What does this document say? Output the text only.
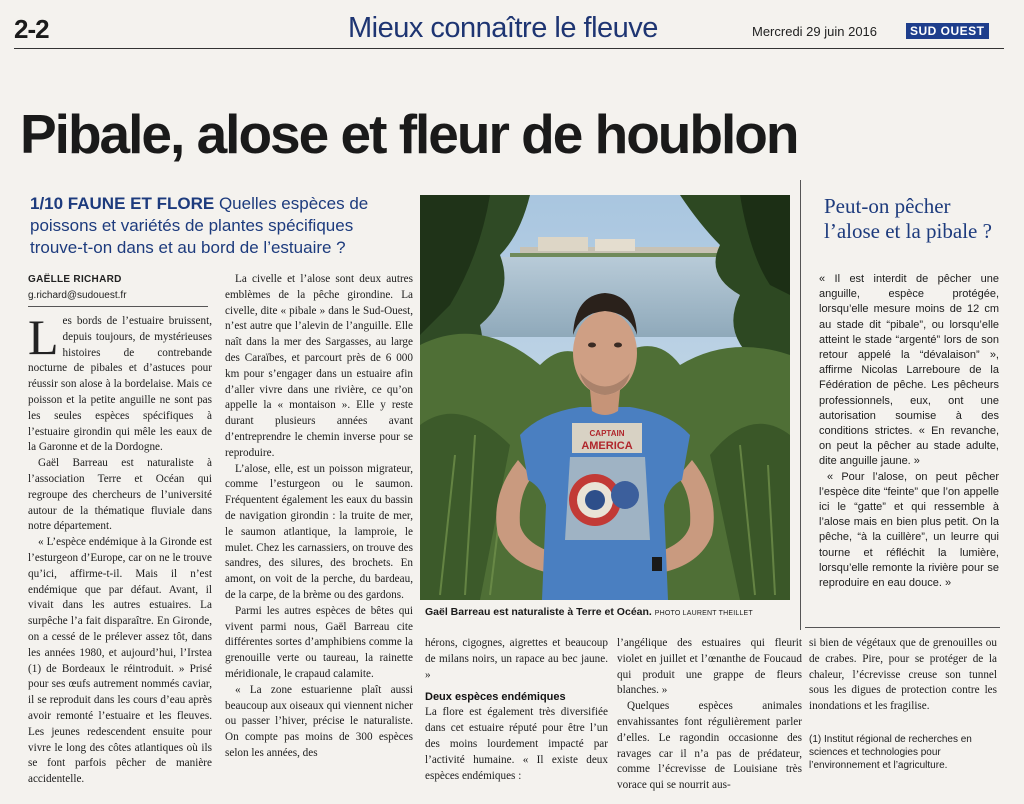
2-2	Mieux connaître le fleuve	Mercredi 29 juin 2016	SUD OUEST
Pibale, alose et fleur de houblon
1/10 FAUNE ET FLORE Quelles espèces de poissons et variétés de plantes spécifiques trouve-t-on dans et au bord de l’estuaire ?
GAËLLE RICHARD
g.richard@sudouest.fr

Les bords de l’estuaire bruissent, depuis toujours, de mystérieuses histoires de contrebande nocturne de pibales et d’astuces pour réussir son alose à la bordelaise. Mais ce poisson et la petite anguille ne sont pas les seules espèces spécifiques à l’estuaire girondin qui mêle les eaux de la Garonne et de la Dordogne.

Gaël Barreau est naturaliste à l’association Terre et Océan qui regroupe des chercheurs de l’université autour de la thématique fluviale dans notre département.

« L’espèce endémique à la Gironde est l’esturgeon d’Europe, car on ne le trouve qu’ici, affirme-t-il. Mais il n’est endémique que par défaut. Avant, il vivait dans les autres estuaires. La surpêche l’a fait disparaître. En Gironde, on a cessé de le prélever assez tôt, dans les années 1980, et aujourd’hui, l’Irstea (1) de Bordeaux le réintroduit. » Prisé pour ses œufs autrement nommés caviar, il se reproduit dans les cours d’eau après avoir remonté l’estuaire et les fleuves. Les jeunes redescendent ensuite pour vivre le long des côtes atlantiques où ils se font parfois pêcher de manière accidentelle.

La civelle et l’alose sont deux autres emblèmes de la pêche girondine. La civelle, dite « pibale » dans le Sud-Ouest, n’est autre que l’alevin de l’anguille. Elle naît dans la mer des Sargasses, au large des Caraïbes, et parcourt près de 6 000 km pour s’engager dans un estuaire afin d’aller vivre dans une rivière, ce qu’on appelle la « montaison ». Elle y reste durant plusieurs années avant d’entreprendre le chemin inverse pour se reproduire.

L’alose, elle, est un poisson migrateur, comme l’esturgeon ou le saumon. Fréquentent également les eaux du bassin de navigation girondin : la truite de mer, le saumon atlantique, la lamproie, le mulet. Chez les carnassiers, on trouve des sandres, des silures, des brochets. En amont, on voit de la perche, du bardeau, de la carpe, de la brème ou des gardons.

Parmi les autres espèces de bêtes qui vivent parmi nous, Gaël Barreau cite différentes sortes d’amphibiens comme la grenouille verte ou taureau, la rainette méridionale, le crapaud calamite.

« La zone estuarienne plaît aussi beaucoup aux oiseaux qui viennent nicher ou passer l’hiver, précise le naturaliste. On compte pas moins de 300 espèces selon les années, des

CAPTAIN
AMERICA
Gaël Barreau est naturaliste à Terre et Océan. PHOTO LAURENT THEILLET

hérons, cigognes, aigrettes et beaucoup de milans noirs, un rapace au bec jaune. »

Deux espèces endémiques

La flore est également très diversifiée dans cet estuaire réputé pour être l’un des moins lourdement impacté par l’activité humaine. « Il existe deux espèces endémiques :

l’angélique des estuaires qui fleurit violet en juillet et l’œnanthe de Foucaud qui produit une grappe de fleurs blanches. »

Quelques espèces animales envahissantes font régulièrement parler d’elles. Le ragondin occasionne des ravages car il n’a pas de prédateur, comme l’écrevisse de Louisiane très vorace qui se nourrit aus-

si bien de végétaux que de grenouilles ou de crabes. Pire, pour se protéger de la chaleur, l’écrevisse creuse son tunnel sous les digues de protection contre les inondations et les fragilise.

(1) Institut régional de recherches en sciences et technologies pour l’environnement et l’agriculture.
Peut-on pêcher l’alose et la pibale ?

« Il est interdit de pêcher une anguille, espèce protégée, lorsqu’elle mesure moins de 12 cm au stade dit “pibale”, ou lorsqu’elle atteint le stade “argenté” lors de son retour appelé la “dévalaison” », affirme Nicolas Larreboure de la Fédération de pêche. Les pêcheurs professionnels, eux, ont une autorisation soumise à des conditions strictes. « En revanche, on peut la pêcher au stade adulte, dite anguille jaune. »

« Pour l’alose, on peut pêcher l’espèce dite “feinte” que l’on appelle ici le “gatte” et qui ressemble à l’alose mais en bien plus petit. On la pêche, “à la cuillère”, un leurre qui tourne et réfléchit la lumière, lorsqu’elle remonte la rivière pour se reproduire en eau douce. »
